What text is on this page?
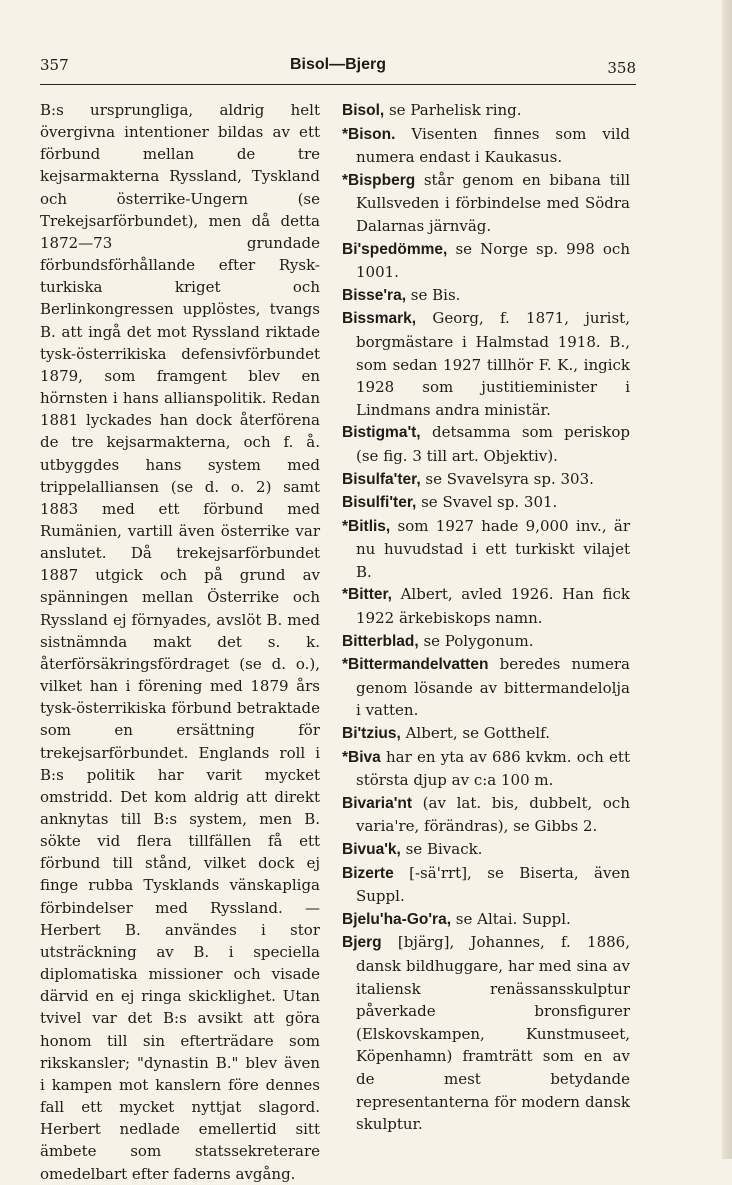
357	Bisol—Bjerg	358

B:s ursprungliga, aldrig helt övergivna intentioner bildas av ett förbund mellan de tre kejsarmakterna Ryssland, Tyskland och österrike-Ungern (se Trekejsarförbundet), men då detta 1872—73 grundade förbundsförhållande efter Rysk-turkiska kriget och Berlinkongressen upplöstes, tvangs B. att ingå det mot Ryssland riktade tysk-österrikiska defensivförbundet 1879, som framgent blev en hörnsten i hans allianspolitik. Redan 1881 lyckades han dock återförena de tre kejsarmakterna, och f. å. utbyggdes hans system med trippelalliansen (se d. o. 2) samt 1883 med ett förbund med Rumänien, vartill även österrike var anslutet. Då trekejsarförbundet 1887 utgick och på grund av spänningen mellan Österrike och Ryssland ej förnyades, avslöt B. med sistnämnda makt det s. k. återförsäkringsfördraget (se d. o.), vilket han i förening med 1879 års tysk-österrikiska förbund betraktade som en ersättning för trekejsarförbundet. Englands roll i B:s politik har varit mycket omstridd. Det kom aldrig att direkt anknytas till B:s system, men B. sökte vid flera tillfällen få ett förbund till stånd, vilket dock ej finge rubba Tysklands vänskapliga förbindelser med Ryssland. — Herbert B. användes i stor utsträckning av B. i speciella diplomatiska missioner och visade därvid en ej ringa skicklighet. Utan tvivel var det B:s avsikt att göra honom till sin efterträdare som rikskansler; "dynastin B." blev även i kampen mot kanslern före dennes fall ett mycket nyttjat slagord. Herbert nedlade emellertid sitt ämbete som statssekreterare omedelbart efter faderns avgång.

Bisol, se Parhelisk ring.

*Bison. Visenten finnes som vild numera endast i Kaukasus.

*Bispberg står genom en bibana till Kullsveden i förbindelse med Södra Dalarnas järnväg.

Bi'spedömme, se Norge sp. 998 och 1001.

Bisse'ra, se Bis.

Bissmark, Georg, f. 1871, jurist, borgmästare i Halmstad 1918. B., som sedan 1927 tillhör F. K., ingick 1928 som justitieminister i Lindmans andra ministär.

Bistigma't, detsamma som periskop (se fig. 3 till art. Objektiv).

Bisulfa'ter, se Svavelsyra sp. 303.

Bisulfi'ter, se Svavel sp. 301.

*Bitlis, som 1927 hade 9,000 inv., är nu huvudstad i ett turkiskt vilajet B.

*Bitter, Albert, avled 1926. Han fick 1922 ärkebiskops namn.

Bitterblad, se Polygonum.

*Bittermandelvatten beredes numera genom lösande av bittermandelolja i vatten.

Bi'tzius, Albert, se Gotthelf.

*Biva har en yta av 686 kvkm. och ett största djup av c:a 100 m.

Bivaria'nt (av lat. bis, dubbelt, och varia're, förändras), se Gibbs 2.

Bivua'k, se Bivack.

Bizerte [-sä'rrt], se Biserta, även Suppl.

Bjelu'ha-Go'ra, se Altai. Suppl.

Bjerg [bjärg], Johannes, f. 1886, dansk bildhuggare, har med sina av italiensk renässansskulptur påverkade bronsfigurer (Elskovskampen, Kunstmuseet, Köpenhamn) framträtt som en av de mest betydande representanterna för modern dansk skulptur.
